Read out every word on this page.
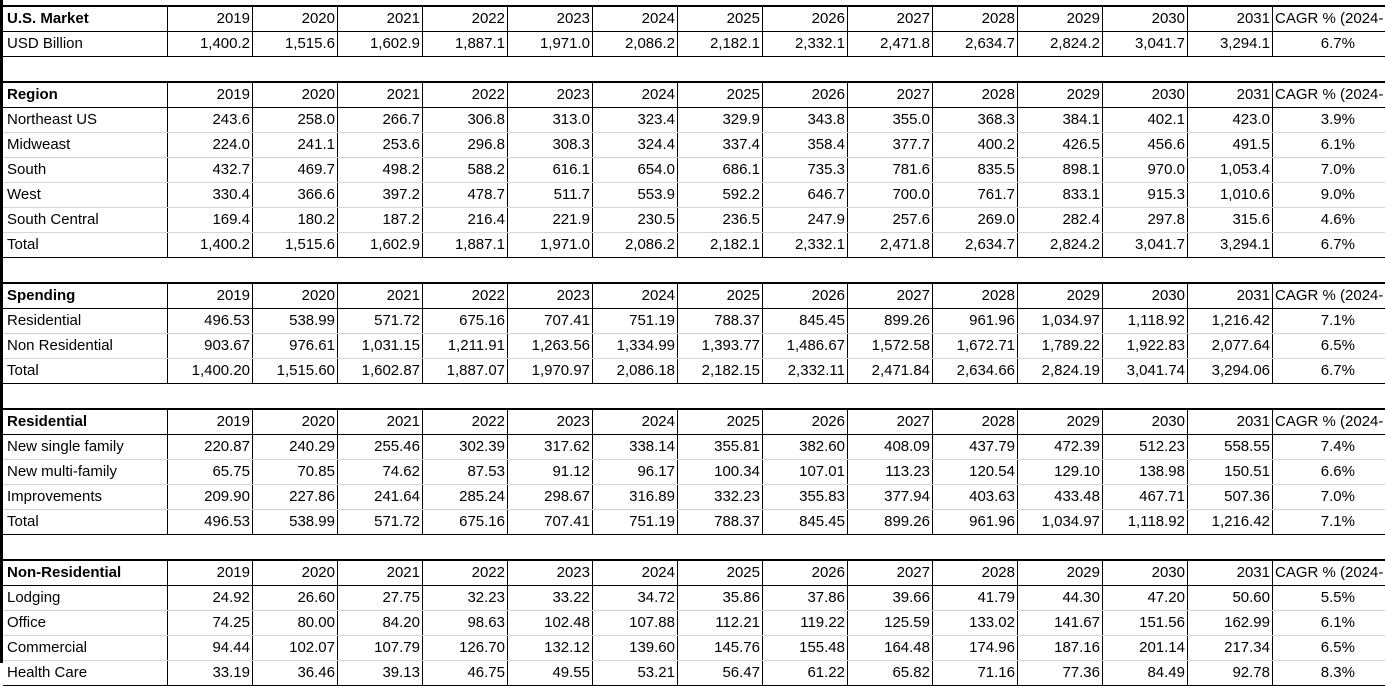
U.S. Market	2019	2020	2021	2022	2023	2024	2025	2026	2027	2028	2029	2030	2031	CAGR % (2024-
USD Billion	1,400.2	1,515.6	1,602.9	1,887.1	1,971.0	2,086.2	2,182.1	2,332.1	2,471.8	2,634.7	2,824.2	3,041.7	3,294.1	6.7%
Region	2019	2020	2021	2022	2023	2024	2025	2026	2027	2028	2029	2030	2031	CAGR % (2024-
Northeast US	243.6	258.0	266.7	306.8	313.0	323.4	329.9	343.8	355.0	368.3	384.1	402.1	423.0	3.9%
Midweast	224.0	241.1	253.6	296.8	308.3	324.4	337.4	358.4	377.7	400.2	426.5	456.6	491.5	6.1%
South	432.7	469.7	498.2	588.2	616.1	654.0	686.1	735.3	781.6	835.5	898.1	970.0	1,053.4	7.0%
West	330.4	366.6	397.2	478.7	511.7	553.9	592.2	646.7	700.0	761.7	833.1	915.3	1,010.6	9.0%
South Central	169.4	180.2	187.2	216.4	221.9	230.5	236.5	247.9	257.6	269.0	282.4	297.8	315.6	4.6%
Total	1,400.2	1,515.6	1,602.9	1,887.1	1,971.0	2,086.2	2,182.1	2,332.1	2,471.8	2,634.7	2,824.2	3,041.7	3,294.1	6.7%
Spending	2019	2020	2021	2022	2023	2024	2025	2026	2027	2028	2029	2030	2031	CAGR % (2024-
Residential	496.53	538.99	571.72	675.16	707.41	751.19	788.37	845.45	899.26	961.96	1,034.97	1,118.92	1,216.42	7.1%
Non Residential	903.67	976.61	1,031.15	1,211.91	1,263.56	1,334.99	1,393.77	1,486.67	1,572.58	1,672.71	1,789.22	1,922.83	2,077.64	6.5%
Total	1,400.20	1,515.60	1,602.87	1,887.07	1,970.97	2,086.18	2,182.15	2,332.11	2,471.84	2,634.66	2,824.19	3,041.74	3,294.06	6.7%
Residential	2019	2020	2021	2022	2023	2024	2025	2026	2027	2028	2029	2030	2031	CAGR % (2024-
New single family	220.87	240.29	255.46	302.39	317.62	338.14	355.81	382.60	408.09	437.79	472.39	512.23	558.55	7.4%
New multi-family	65.75	70.85	74.62	87.53	91.12	96.17	100.34	107.01	113.23	120.54	129.10	138.98	150.51	6.6%
Improvements	209.90	227.86	241.64	285.24	298.67	316.89	332.23	355.83	377.94	403.63	433.48	467.71	507.36	7.0%
Total	496.53	538.99	571.72	675.16	707.41	751.19	788.37	845.45	899.26	961.96	1,034.97	1,118.92	1,216.42	7.1%
Non-Residential	2019	2020	2021	2022	2023	2024	2025	2026	2027	2028	2029	2030	2031	CAGR % (2024-
Lodging	24.92	26.60	27.75	32.23	33.22	34.72	35.86	37.86	39.66	41.79	44.30	47.20	50.60	5.5%
Office	74.25	80.00	84.20	98.63	102.48	107.88	112.21	119.22	125.59	133.02	141.67	151.56	162.99	6.1%
Commercial	94.44	102.07	107.79	126.70	132.12	139.60	145.76	155.48	164.48	174.96	187.16	201.14	217.34	6.5%
Health Care	33.19	36.46	39.13	46.75	49.55	53.21	56.47	61.22	65.82	71.16	77.36	84.49	92.78	8.3%
